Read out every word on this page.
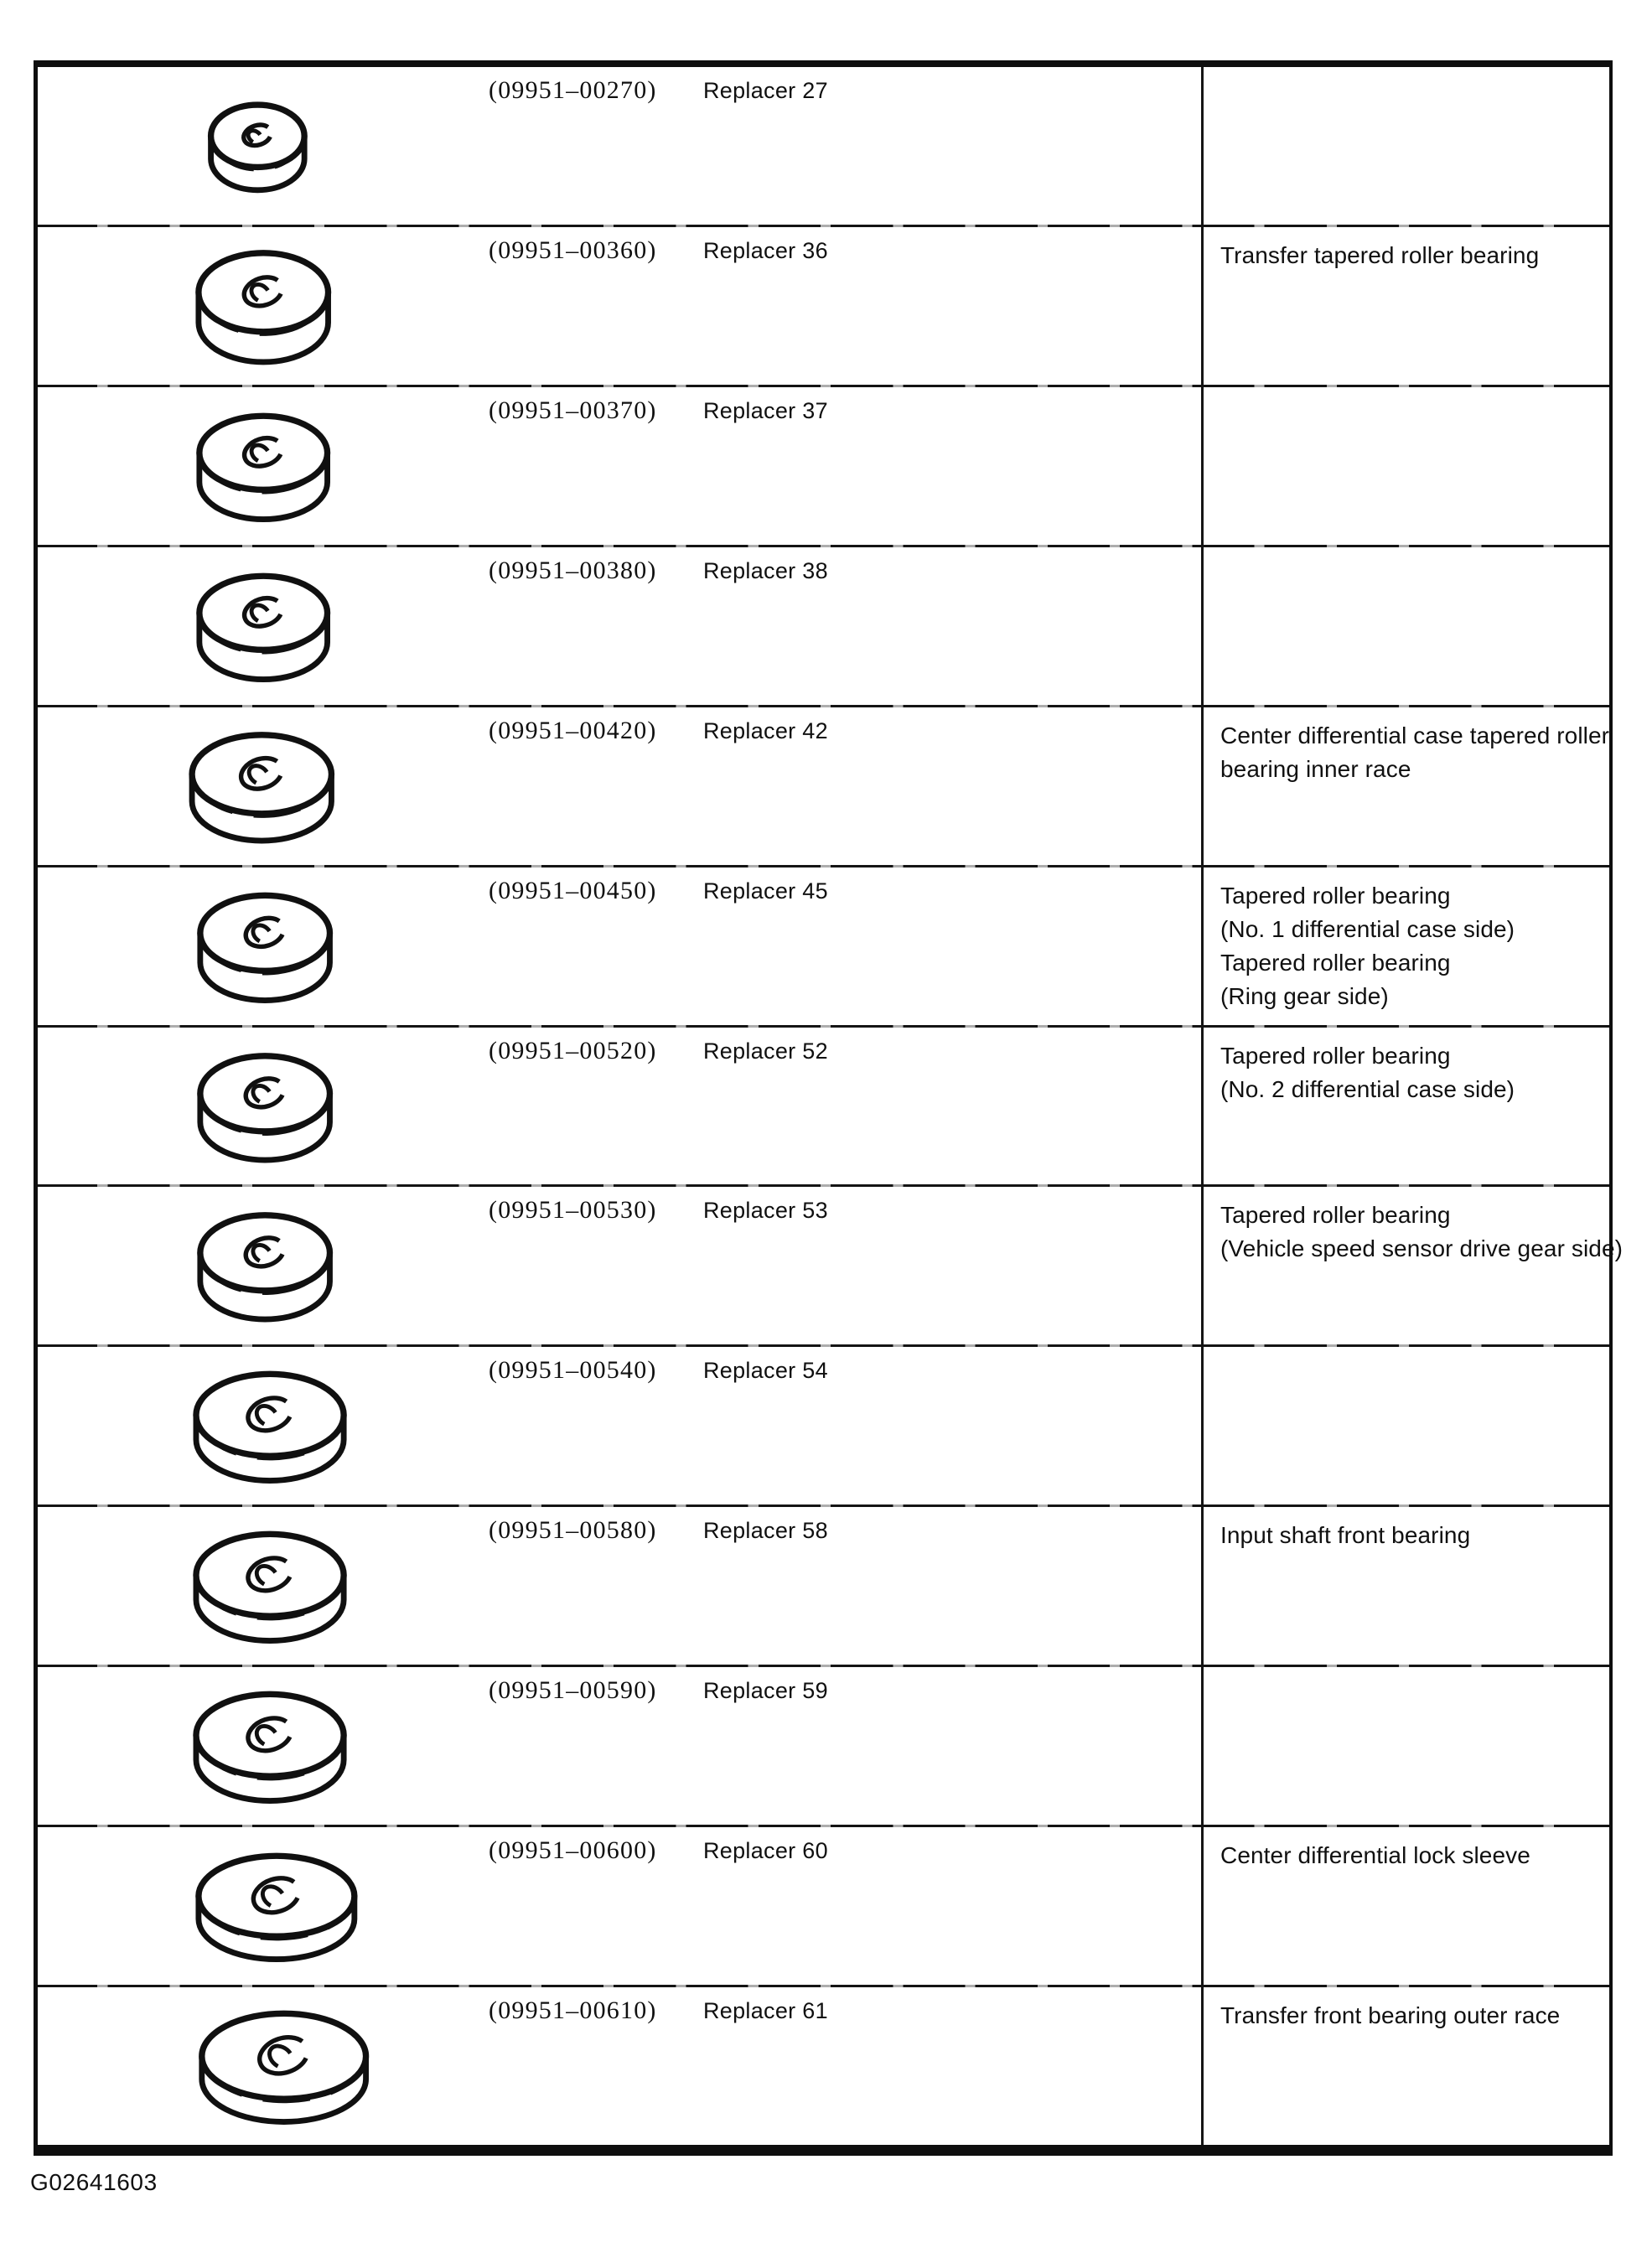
(09951–00270) Replacer 27
(09951–00360) Replacer 36	Transfer tapered roller bearing
(09951–00370) Replacer 37
(09951–00380) Replacer 38
(09951–00420) Replacer 42	Center differential case tapered roller
bearing inner race
(09951–00450) Replacer 45	Tapered roller bearing
(No. 1 differential case side)
Tapered roller bearing
(Ring gear side)
(09951–00520) Replacer 52	Tapered roller bearing
(No. 2 differential case side)
(09951–00530) Replacer 53	Tapered roller bearing
(Vehicle speed sensor drive gear side)
(09951–00540) Replacer 54
(09951–00580) Replacer 58	Input shaft front bearing
(09951–00590) Replacer 59
(09951–00600) Replacer 60	Center differential lock sleeve
(09951–00610) Replacer 61	Transfer front bearing outer race
G02641603
